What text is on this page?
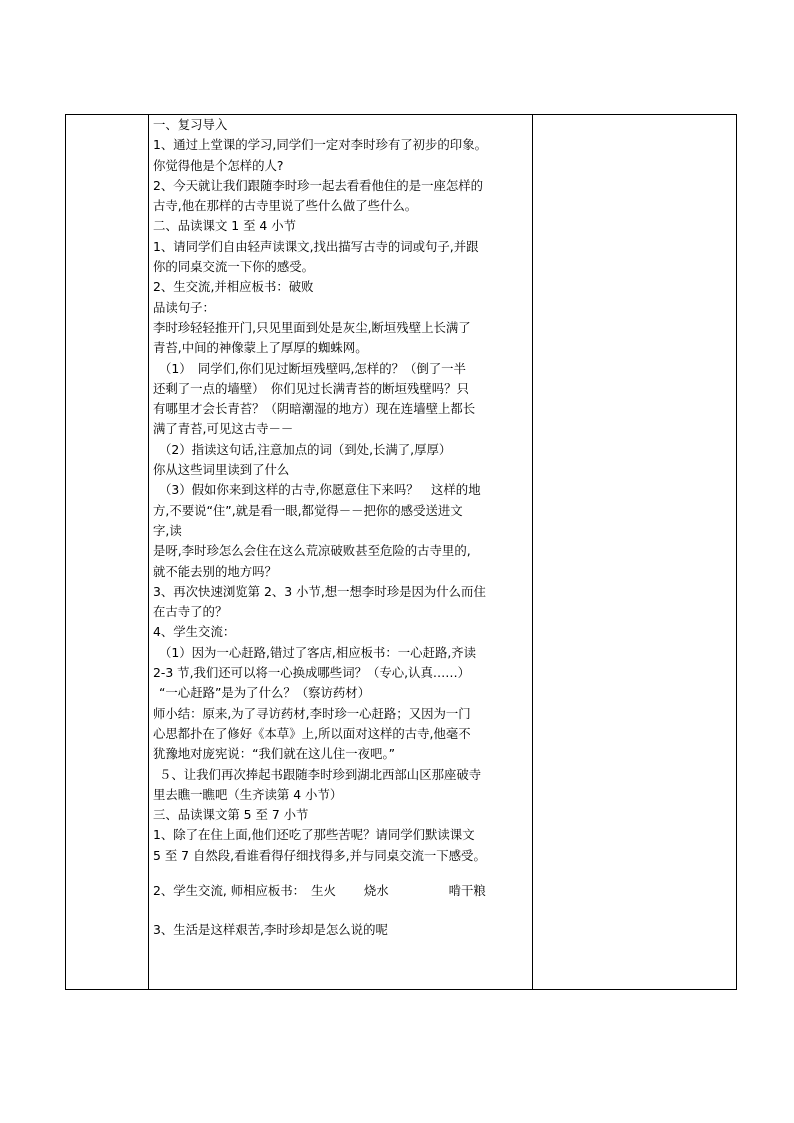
一、复习导入

1、通过上堂课的学习,同学们一定对李时珍有了初步的印象。

你觉得他是个怎样的人?

2、今天就让我们跟随李时珍一起去看看他住的是一座怎样的

古寺,他在那样的古寺里说了些什么做了些什么。

二、品读课文 1 至 4 小节

1、请同学们自由轻声读课文,找出描写古寺的词或句子,并跟

你的同桌交流一下你的感受。

2、生交流,并相应板书：破败

品读句子：

李时珍轻轻推开门,只见里面到处是灰尘,断垣残壁上长满了

青苔,中间的神像蒙上了厚厚的蜘蛛网。

（1）　同学们,你们见过断垣残壁吗,怎样的？（倒了一半

还剩了一点的墙壁）　你们见过长满青苔的断垣残壁吗？只

有哪里才会长青苔？（阴暗潮湿的地方）现在连墙壁上都长

满了青苔,可见这古寺－－

（2）指读这句话,注意加点的词（到处,长满了,厚厚）

你从这些词里读到了什么

（3）假如你来到这样的古寺,你愿意住下来吗？　这样的地

方,不要说“住”,就是看一眼,都觉得－－把你的感受送进文

字,读

是呀,李时珍怎么会住在这么荒凉破败甚至危险的古寺里的,

就不能去别的地方吗？

3、再次快速浏览第 2、3 小节,想一想李时珍是因为什么而住

在古寺了的？

4、学生交流：

（1）因为一心赶路,错过了客店,相应板书：一心赶路,齐读

2-3 节,我们还可以将一心换成哪些词？（专心,认真……）

“一心赶路”是为了什么？（察访药材）

师小结：原来,为了寻访药材,李时珍一心赶路；又因为一门

心思都扑在了修好《本草》上,所以面对这样的古寺,他毫不

犹豫地对庞宪说：“我们就在这儿住一夜吧。”

５、让我们再次捧起书跟随李时珍到湖北西部山区那座破寺

里去瞧一瞧吧（生齐读第 4 小节）

三、品读课文第 5 至 7 小节

1、除了在住上面,他们还吃了那些苦呢？请同学们默读课文

5 至 7 自然段,看谁看得仔细找得多,并与同桌交流一下感受。

2、学生交流, 师相应板书： 生火 烧水	啃干粮

3、生活是这样艰苦,李时珍却是怎么说的呢
